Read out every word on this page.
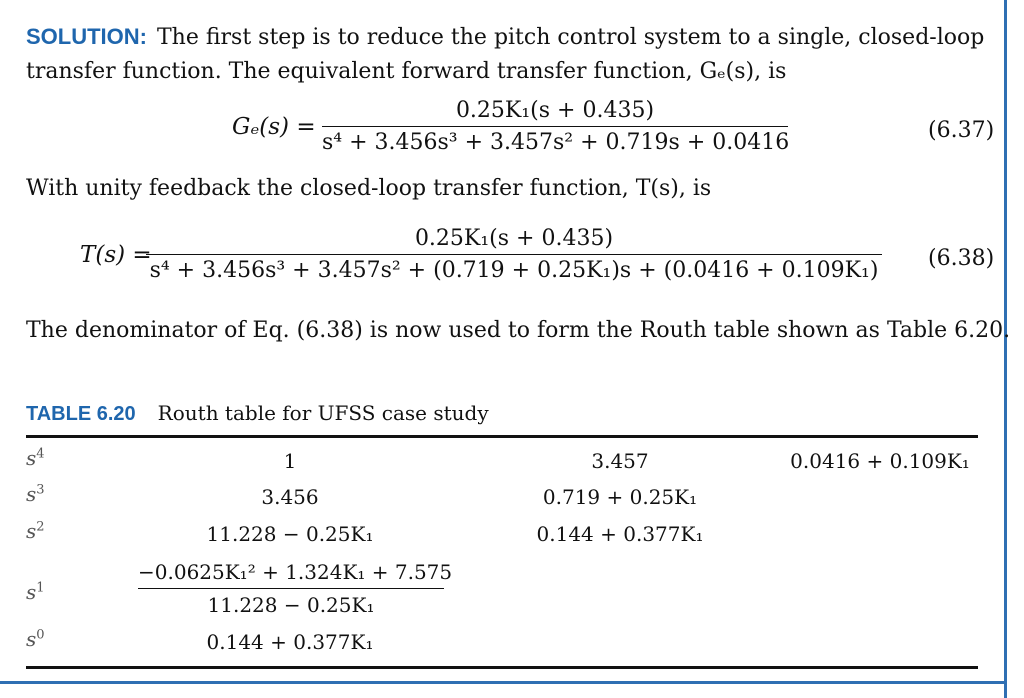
SOLUTION: The first step is to reduce the pitch control system to a single, closed-loop transfer function. The equivalent forward transfer function, Gₑ(s), is
$G_e(s) = \frac{\text{0.25K₁(s + 0.435)}}{\text{s⁴ + 3.456s³ + 3.457s² + 0.719s + 0.0416}}$	(6.37)
With unity feedback the closed-loop transfer function, T(s), is
T(s) =
0.25K₁(s + 0.435)
s⁴ + 3.456s³ + 3.457s² + (0.719 + 0.25K₁)s + (0.0416 + 0.109K₁) (6.38)
The denominator of Eq. (6.38) is now used to form the Routh table shown as Table 6.20.
TABLE 6.20 Routh table for UFSS case study
$s^4$	1	3.457	0.0416 + 0.109K₁
$s^3$	3.456	0.719 + 0.25K₁
$s^2$	11.228 − 0.25K₁	0.144 + 0.377K₁
$s^1$	$\frac{\text{−0.0625K₁² + 1.324K₁ + 7.575}}{\text{11.228 − 0.25K₁}}$
$s^0$	0.144 + 0.377K₁
